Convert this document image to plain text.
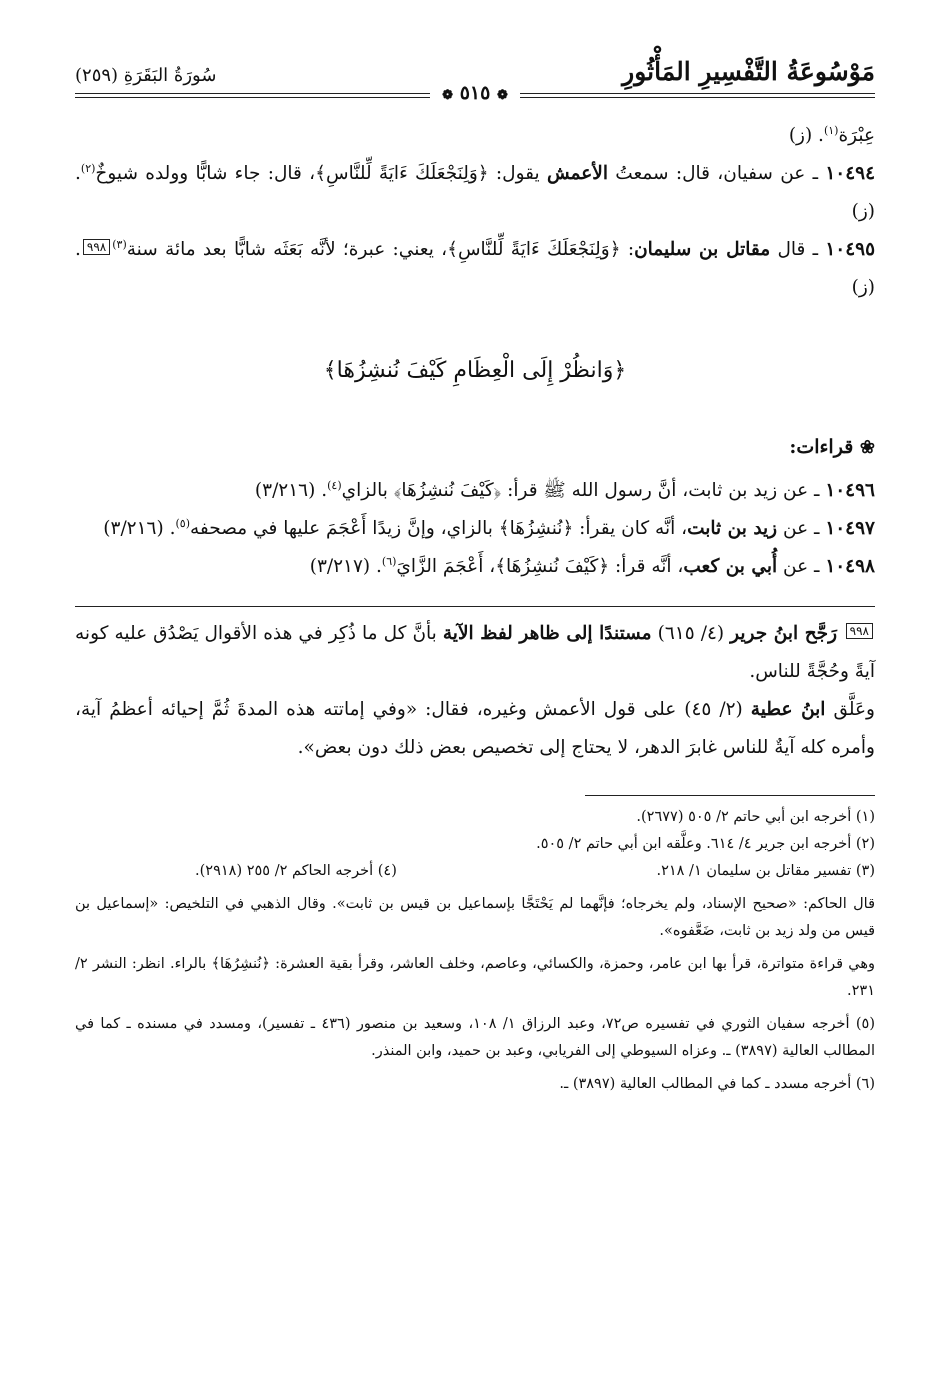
مَوْسُوعَةُ التَّفْسِيرِ المَأْثُورِ
سُورَةُ البَقَرَةِ (٢٥٩)
❁ ٥١٥ ❁

عِبْرَة$^{(١)}$. (ز)

١٠٤٩٤ ـ عن سفيان، قال: سمعتُ الأعمش يقول: ﴿وَلِنَجْعَلَكَ ءَايَةً لِّلنَّاسِ﴾، قال: جاء شابًّا وولده شيوخٌ$^{(٢)}$. (ز)

١٠٤٩٥ ـ قال مقاتل بن سليمان: ﴿وَلِنَجْعَلَكَ ءَايَةً لِّلنَّاسِ﴾، يعني: عبرة؛ لأنَّه بَعَثَه شابًّا بعد مائة سنة$^{(٣)}$٩٩٨. (ز)

﴿وَانظُرْ إِلَى الْعِظَامِ كَيْفَ نُنشِزُهَا﴾
❀ قراءات:

١٠٤٩٦ ـ عن زيد بن ثابت، أنَّ رسول الله ﷺ قرأ: ﴿كَيْفَ نُنشِزُهَا﴾ بالزاي$^{(٤)}$. (٣/٢١٦)

١٠٤٩٧ ـ عن زيد بن ثابت، أنَّه كان يقرأ: ﴿نُنشِزُهَا﴾ بالزاي، وإنَّ زيدًا أَعْجَمَ عليها في مصحفه$^{(٥)}$. (٣/٢١٦)

١٠٤٩٨ ـ عن أُبي بن كعب، أنَّه قرأ: ﴿كَيْفَ نُنشِزُهَا﴾، أَعْجَمَ الزَّايَ$^{(٦)}$. (٣/٢١٧)

٩٩٨ رَجَّح ابنُ جرير (٤/ ٦١٥) مستندًا إلى ظاهر لفظ الآية بأنَّ كل ما ذُكِر في هذه الأقوال يَصْدُق عليه كونه آيةً وحُجَّةً للناس.

وعَلَّق ابنُ عطية (٢/ ٤٥) على قول الأعمش وغيره، فقال: «وفي إماتته هذه المدةَ ثُمَّ إحيائه أعظمُ آية، وأمره كله آيةٌ للناس غابرَ الدهر، لا يحتاج إلى تخصيص بعض ذلك دون بعض».

(١) أخرجه ابن أبي حاتم ٢/ ٥٠٥ (٢٦٧٧).

(٢) أخرجه ابن جرير ٤/ ٦١٤. وعلَّقه ابن أبي حاتم ٢/ ٥٠٥.

(٣) تفسير مقاتل بن سليمان ١/ ٢١٨.
(٤) أخرجه الحاكم ٢/ ٢٥٥ (٢٩١٨).

قال الحاكم: «صحيح الإسناد، ولم يخرجاه؛ فإنَّهما لم يَحْتَجَّا بإسماعيل بن قيس بن ثابت». وقال الذهبي في التلخيص: «إسماعيل بن قيس من ولد زيد بن ثابت، ضَعَّفوه».

وهي قراءة متواترة، قرأ بها ابن عامر، وحمزة، والكسائي، وعاصم، وخلف العاشر، وقرأ بقية العشرة: ﴿نُنشِرُهَا﴾ بالراء. انظر: النشر ٢/ ٢٣١.

(٥) أخرجه سفيان الثوري في تفسيره ص٧٢، وعبد الرزاق ١/ ١٠٨، وسعيد بن منصور (٤٣٦ ـ تفسير)، ومسدد في مسنده ـ كما في المطالب العالية (٣٨٩٧) ـ. وعزاه السيوطي إلى الفريابي، وعبد بن حميد، وابن المنذر.

(٦) أخرجه مسدد ـ كما في المطالب العالية (٣٨٩٧) ـ.
